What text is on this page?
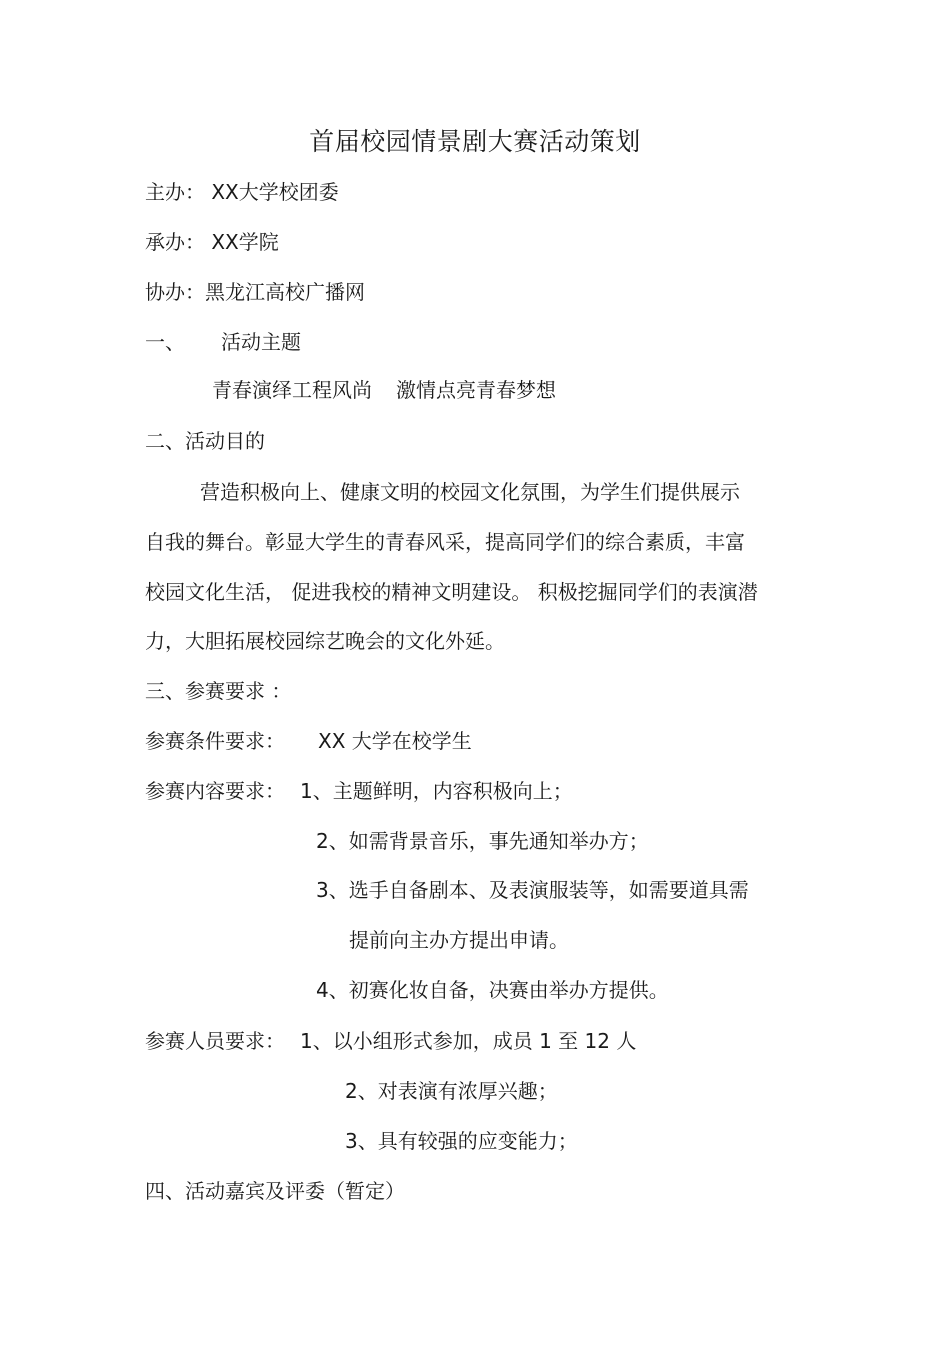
首届校园情景剧大赛活动策划
主办： XX大学校团委
承办： XX学院
协办：黑龙江高校广播网
一、 活动主题
青春演绎工程风尚 激情点亮青春梦想
二、活动目的
营造积极向上、健康文明的校园文化氛围，为学生们提供展示
自我的舞台。彰显大学生的青春风采，提高同学们的综合素质，丰富
校园文化生活， 促进我校的精神文明建设。 积极挖掘同学们的表演潜
力，大胆拓展校园综艺晚会的文化外延。
三、参赛要求 ：
参赛条件要求： XX 大学在校学生
参赛内容要求： 1、主题鲜明，内容积极向上；
2、如需背景音乐，事先通知举办方；
3、选手自备剧本、及表演服装等，如需要道具需
提前向主办方提出申请。
4、初赛化妆自备，决赛由举办方提供。
参赛人员要求： 1、以小组形式参加，成员 1 至 12 人
2、对表演有浓厚兴趣；
3、具有较强的应变能力；
四、活动嘉宾及评委（暂定）
